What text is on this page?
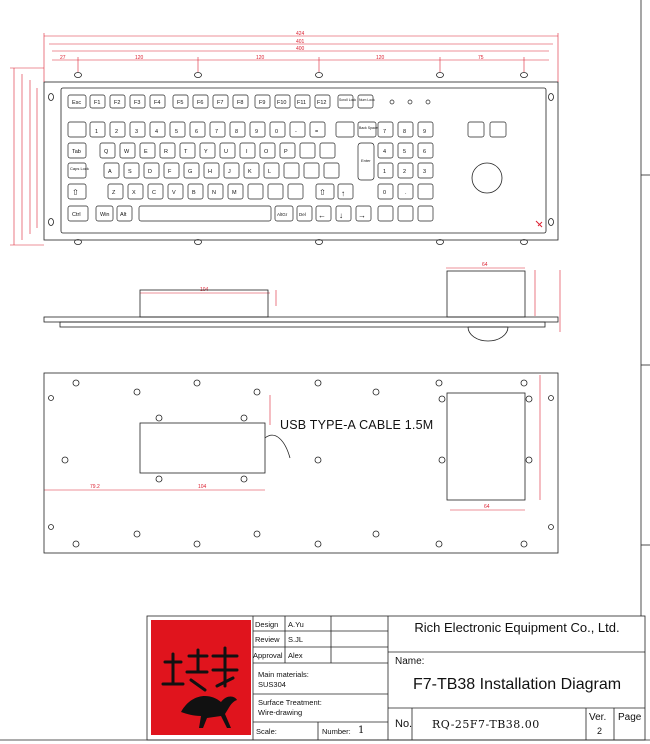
424
401
400
27	120	120	120	75
104
64
79.2	104
64
Esc F1 F2 F3 F4	F5 F6 F7 F8	F9 F10 F11 F12	Scroll Lock Num Lock
1	2	3	4	5	6	7	8	9	0	-	=
Back Space
Tab	Q	W	E	R	T	Y	U	I	O	P
Enter
Caps Lock
A	S	D	F	G	H	J	K	L
Z	X	C	V	B	N	M
Ctrl	Win Alt	AltGr	Del
7	8	9
4	5	6
1	2	3
0	.
⇧	⇧ ↑
← ↓ →
USB TYPE-A CABLE 1.5M
Design A.Yu
Review S.JL
Approval Alex
Main materials:
SUS304
Surface Treatment:
Wire-drawing
Scale:	Number: 1
Rich Electronic Equipment Co., Ltd.
Name:
F7-TB38 Installation Diagram
No. RQ-25F7-TB38.00
Ver.
2
Page
